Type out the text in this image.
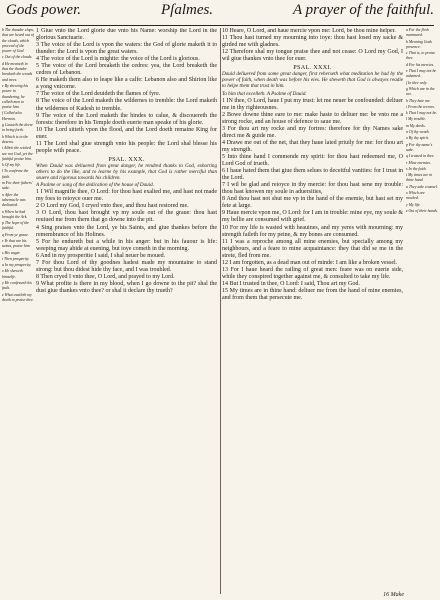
Gods power.	Pſalmes.	A prayer of the faithful.

b The thunder claps, that are heard out of the clouds, which proceed of the power of God.

c Out of the clouds.

d He meaneth in that the thunder breaketh the woods and trees.

e By shewing his power in thundering, he calleth men to praise him.

f Called also Hermon.

g Causeth the deere to bring forth.

h Which is in the deserts.

i Albeit the wicked see not God, yet the faithful praise him.

k Of my life.

l To confirme the faith.

m For their fathers' sake.

n After the tabernacle was dedicated.

o When he had brought the Ark.

p The hope of the faithful.

q From ye graue.

r Ye that are his saints, praise him.

s His anger.

t Then prosperity.

u In my prosperity.

x He sheweth himselfe.

y He confesseth his fault.

z What availeth my death to praise thee.

1 Giue vnto the Lord glorie due vnto his Name: worship the Lord in the glorious Sanctuarie.

3 The voice of the Lord is vpon the waters: the God of glorie maketh it to thunder: the Lord is vpon the great waters.

4 The voice of the Lord is mightie: the voice of the Lord is glorious.

5 The voice of the Lord breaketh the cedres: yea, the Lord breaketh the cedres of Lebanon.

6 He maketh them also to leape like a calfe: Lebanon also and Shirion like a yong vnicorne.

7 The voice of the Lord deuideth the flames of fyre.

8 The voice of the Lord maketh the wildernes to tremble: the Lord maketh the wildernes of Kadesh to tremble.

9 The voice of the Lord maketh the hindes to calue, & discouereth the forests: therefore in his Temple doeth euerie man speake of his glorie.

10 The Lord sitteth vpon the flood, and the Lord doeth remaine King for euer.

11 The Lord shal giue strength vnto his people: the Lord shal blesse his people with peace.

PSAL. XXX.

When Dauid was deliuered from great danger, he rendred thanks to God, exhorting others to do the like, and to learne by his example, that God is rather merciful than seuere and rigorous towards his children.

A Psalme or song of the dedication of the house of Dauid.

1 I Wil magnifie thee, O Lord: for thou hast exalted me, and hast not made my foes to reioyce ouer me.

2 O Lord my God, I cryed vnto thee, and thou hast restored me.

3 O Lord, thou hast brought vp my soule out of the graue: thou hast reuiued me from them that go downe into the pit.

4 Sing praises vnto the Lord, ye his Saints, and giue thankes before the remembrance of his Holines.

5 For he endureth but a while in his anger: but in his fauour is life: weeping may abide at euening, but ioye cometh in the morning.

6 And in my prosperitie I said, I shal neuer be moued.

7 For thou Lord of thy goodnes hadest made my mountaine to stand strong: but thou didest hide thy face, and I was troubled.

8 Then cryed I vnto thee, O Lord, and prayed to my Lord.

9 What profite is there in my blood, when I go downe to the pit? shal the dust giue thankes vnto thee? or shal it declare thy trueth?

10 Heare, O Lord, and haue mercie vpon me: Lord, be thou mine helper.

11 Thou hast turned my mourning into ioye: thou hast losed my sacke & girded me with gladnes.

12 Therefore shal my tongue praise thee and not cease: O Lord my God, I wil giue thankes vnto thee for euer.

PSAL. XXXI.

Dauid deliuered from some great danger, first reherseth what meditation he had by the power of faith, when death was before his eies. He sheweth that God is alwayes readie to helpe them that trust in him.

To him that excelleth. A Psalme of Dauid.

1 IN thee, O Lord, haue I put my trust: let me neuer be confounded: deliuer me in thy righteousnes.

2 Bowe downe thine eare to me: make haste to deliuer me: be vnto me a strong rocke, and an house of defence to saue me.

3 For thou art my rocke and my fortres: therefore for thy Names sake direct me & guide me.

4 Drawe me out of the net, that they haue laied priuily for me: for thou art my strength.

5 Into thine hand I commende my spirit: for thou hast redeemed me, O Lord God of trueth.

6 I haue hated them that giue them selues to deceitful vanities: for I trust in the Lord.

7 I wil be glad and reioyce in thy mercie: for thou hast sene my trouble: thou hast knowen my soule in aduersities,

8 And thou hast not shut me vp in the hand of the enemie, but hast set my fete at large.

9 Haue mercie vpon me, O Lord: for I am in trouble: mine eye, my soule & my bellie are consumed with grief.

10 For my life is wasted with heauines, and my yeres with mourning: my strength faileth for my peine, & my bones are consumed.

11 I was a reproche among all mine enemies, but specially among my neighbours, and a feare to mine acquaintance: they that did se me in the strete, fled from me.

12 I am forgotten, as a dead man out of minde: I am like a broken vessel.

13 For I haue heard the railing of great men: feare was on euerie side, while they conspired together against me, & consulted to take my life.

14 But I trusted in thee, O Lord: I said, Thou art my God.

15 My times are in thine hand: deliuer me from the hand of mine enemies, and from them that persecute me.

a For the flesh murmured.

b Meaning Gods presence.

c That is, to praise thee.

d For his mercies.

e That I may not be ashamed.

f In thee only.

g Which are in the net.

h They hate me.

i From the terrors.

k That I may not be.

l My trouble.

m My deeds.

n Of thy wrath.

o By thy spirit.

p For thy name's sake.

q I trusted in thee.

r Mine enemies.

s In the faith.

t My times are in thine hand.

u They take counsel.

x Which are mocked.

y My life.

z Out of their hands.

16 Make
